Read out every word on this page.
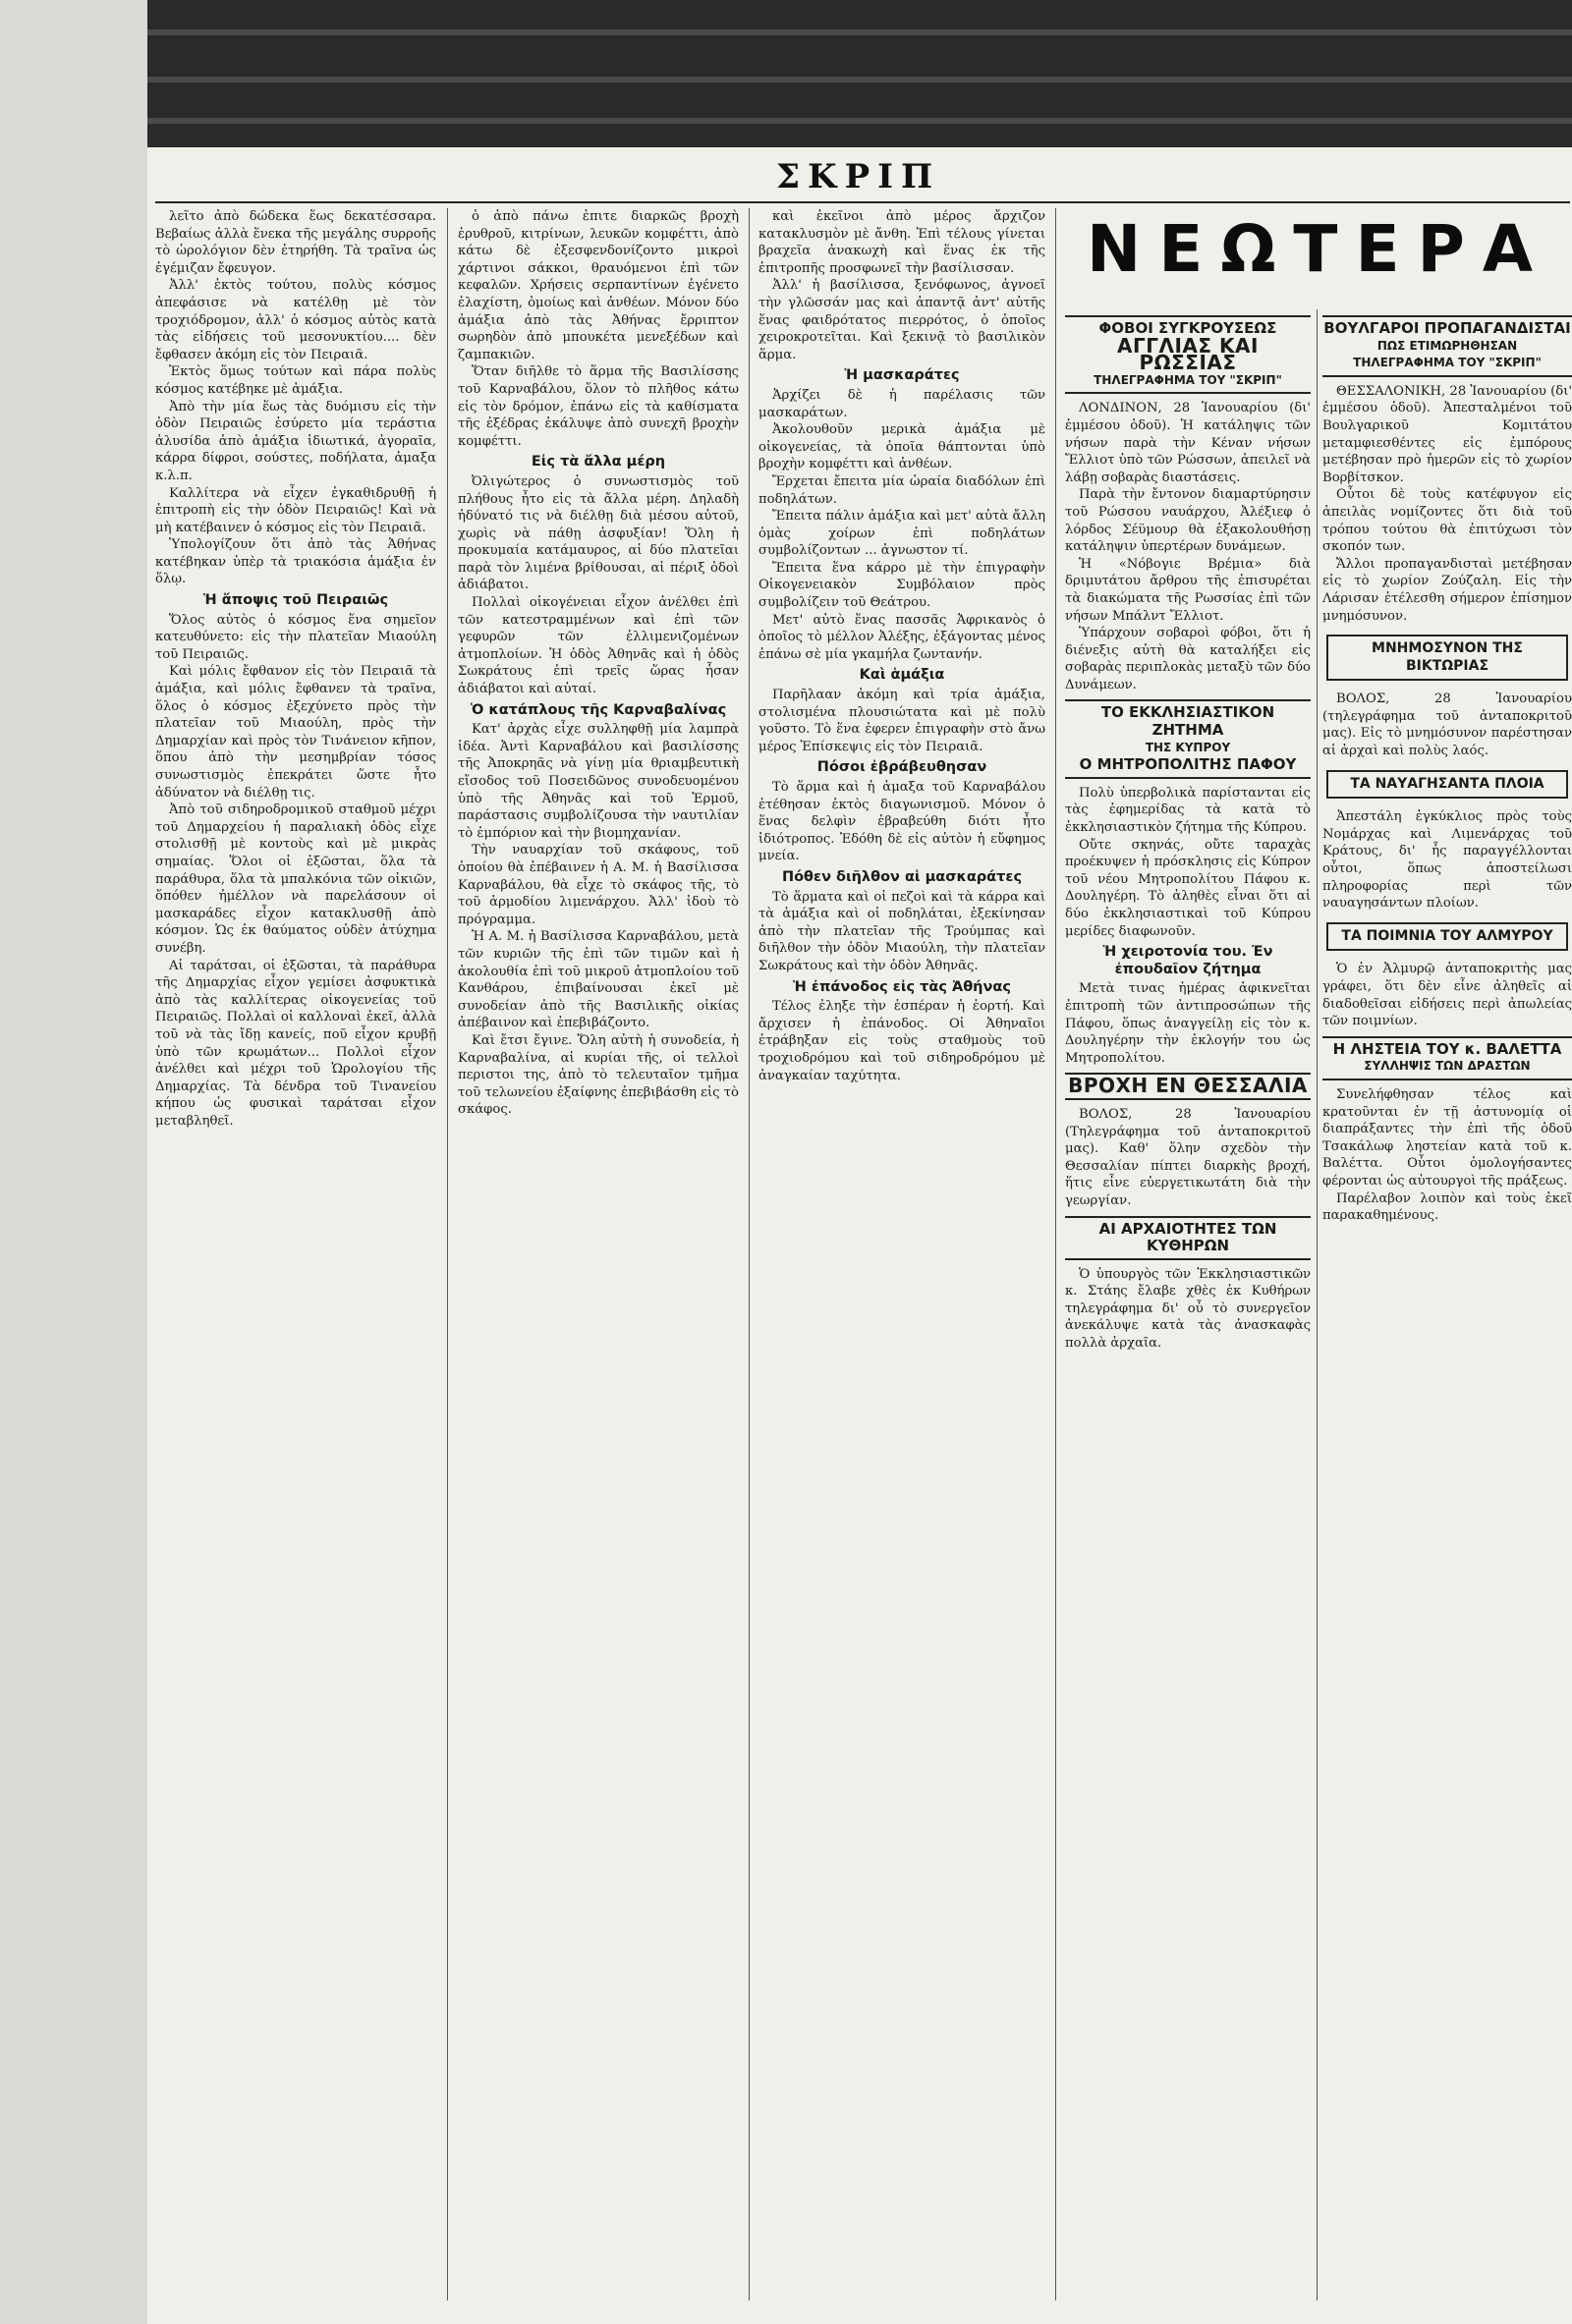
ΣΚΡΙΠ

λεῖτο ἀπὸ δώδεκα ἕως δεκατέσσαρα. Βεβαίως ἀλλὰ ἕνεκα τῆς μεγάλης συρροῆς τὸ ὡρολόγιον δὲν ἐτηρήθη. Τὰ τραῖνα ὡς ἐγέμιζαν ἔφευγον.

Ἀλλ' ἐκτὸς τούτου, πολὺς κόσμος ἀπεφάσισε νὰ κατέλθῃ μὲ τὸν τροχιόδρομον, ἀλλ' ὁ κόσμος αὐτὸς κατὰ τὰς εἰδήσεις τοῦ μεσονυκτίου.... δὲν ἔφθασεν ἀκόμη εἰς τὸν Πειραιᾶ.

Ἐκτὸς ὅμως τούτων καὶ πάρα πολὺς κόσμος κατέβηκε μὲ ἁμάξια.

Ἀπὸ τὴν μία ἕως τὰς δυόμισυ εἰς τὴν ὁδὸν Πειραιῶς ἐσύρετο μία τεράστια ἁλυσίδα ἀπὸ ἁμάξια ἰδιωτικά, ἀγοραῖα, κάρρα δίφροι, σούστες, ποδήλατα, ἁμαξα κ.λ.π.

Καλλίτερα νὰ εἶχεν ἐγκαθιδρυθῇ ἡ ἐπιτροπὴ εἰς τὴν ὁδὸν Πειραιῶς! Καὶ νὰ μὴ κατέβαινεν ὁ κόσμος εἰς τὸν Πειραιᾶ.

Ὑπολογίζουν ὅτι ἀπὸ τὰς Ἀθήνας κατέβηκαν ὑπὲρ τὰ τριακόσια ἁμάξια ἐν ὅλῳ.

Ἡ ἄποψις τοῦ Πειραιῶς

Ὅλος αὐτὸς ὁ κόσμος ἕνα σημεῖον κατευθύνετο: εἰς τὴν πλατεῖαν Μιαούλη τοῦ Πειραιῶς.

Καὶ μόλις ἔφθανον εἰς τὸν Πειραιᾶ τὰ ἁμάξια, καὶ μόλις ἔφθανεν τὰ τραῖνα, ὅλος ὁ κόσμος ἐξεχύνετο πρὸς τὴν πλατεῖαν τοῦ Μιαούλη, πρὸς τὴν Δημαρχίαν καὶ πρὸς τὸν Τινάνειον κῆπον, ὅπου ἀπὸ τὴν μεσημβρίαν τόσος συνωστισμὸς ἐπεκράτει ὥστε ἦτο ἀδύνατον νὰ διέλθῃ τις.

Ἀπὸ τοῦ σιδηροδρομικοῦ σταθμοῦ μέχρι τοῦ Δημαρχείου ἡ παραλιακὴ ὁδὸς εἶχε στολισθῇ μὲ κοντοὺς καὶ μὲ μικρὰς σημαίας. Ὅλοι οἱ ἐξῶσται, ὅλα τὰ παράθυρα, ὅλα τὰ μπαλκόνια τῶν οἰκιῶν, ὅπόθεν ἠμέλλον νὰ παρελάσουν οἱ μασκαράδες εἶχον κατακλυσθῇ ἀπὸ κόσμον. Ὡς ἐκ θαύματος οὐδὲν ἀτύχημα συνέβη.

Αἱ ταράτσαι, οἱ ἐξῶσται, τὰ παράθυρα τῆς Δημαρχίας εἶχον γεμίσει ἀσφυκτικὰ ἀπὸ τὰς καλλίτερας οἰκογενείας τοῦ Πειραιῶς. Πολλαὶ οἱ καλλοναὶ ἐκεῖ, ἀλλὰ τοῦ νὰ τὰς ἴδῃ κανείς, ποῦ εἶχον κρυβῇ ὑπὸ τῶν κρωμάτων... Πολλοὶ εἶχον ἀνέλθει καὶ μέχρι τοῦ Ὡρολογίου τῆς Δημαρχίας. Τὰ δένδρα τοῦ Τινανείου κήπου ὡς φυσικαὶ ταράτσαι εἶχον μεταβληθεῖ.

ὁ ἀπὸ πάνω ἐπιτε διαρκῶς βροχὴ ἐρυθροῦ, κιτρίνων, λευκῶν κομφέττι, ἀπὸ κάτω δὲ ἐξεσφενδονίζοντο μικροὶ χάρτινοι σάκκοι, θραυόμενοι ἐπὶ τῶν κεφαλῶν. Χρήσεις σερπαντίνων ἐγένετο ἐλαχίστη, ὁμοίως καὶ ἀνθέων. Μόνον δύο ἁμάξια ἀπὸ τὰς Ἀθήνας ἔρριπτον σωρηδὸν ἀπὸ μπουκέτα μενεξέδων καὶ ζαμπακιῶν.

Ὅταν διῆλθε τὸ ἅρμα τῆς Βασιλίσσης τοῦ Καρναβάλου, ὅλον τὸ πλῆθος κάτω εἰς τὸν δρόμον, ἐπάνω εἰς τὰ καθίσματα τῆς ἐξέδρας ἐκάλυψε ἀπὸ συνεχῆ βροχὴν κομφέττι.

Εἰς τὰ ἄλλα μέρη

Ὀλιγώτερος ὁ συνωστισμὸς τοῦ πλήθους ἦτο εἰς τὰ ἄλλα μέρη. Δηλαδὴ ἠδύνατό τις νὰ διέλθῃ διὰ μέσου αὐτοῦ, χωρὶς νὰ πάθῃ ἀσφυξίαν! Ὅλη ἡ προκυμαία κατάμαυρος, αἱ δύο πλατεῖαι παρὰ τὸν λιμένα βρίθουσαι, αἱ πέριξ ὁδοὶ ἀδιάβατοι.

Πολλαὶ οἰκογένειαι εἶχον ἀνέλθει ἐπὶ τῶν κατεστραμμένων καὶ ἐπὶ τῶν γεφυρῶν τῶν ἐλλιμενιζομένων ἀτμοπλοίων. Ἡ ὁδὸς Ἀθηνᾶς καὶ ἡ ὁδὸς Σωκράτους ἐπὶ τρεῖς ὥρας ἦσαν ἀδιάβατοι καὶ αὐταί.

Ὁ κατάπλους τῆς Καρναβαλίνας

Κατ' ἀρχὰς εἶχε συλληφθῇ μία λαμπρὰ ἰδέα. Ἀντὶ Καρναβάλου καὶ βασιλίσσης τῆς Ἀποκρηᾶς νὰ γίνῃ μία θριαμβευτικὴ εἴσοδος τοῦ Ποσειδῶνος συνοδευομένου ὑπὸ τῆς Ἀθηνᾶς καὶ τοῦ Ἑρμοῦ, παράστασις συμβολίζουσα τὴν ναυτιλίαν τὸ ἐμπόριον καὶ τὴν βιομηχανίαν.

Τὴν ναυαρχίαν τοῦ σκάφους, τοῦ ὁποίου θὰ ἐπέβαινεν ἡ Α. Μ. ἡ Βασίλισσα Καρναβάλου, θὰ εἶχε τὸ σκάφος τῆς, τὸ τοῦ ἁρμοδίου λιμενάρχου. Ἀλλ' ἰδοὺ τὸ πρόγραμμα.

Ἡ Α. Μ. ἡ Βασίλισσα Καρναβάλου, μετὰ τῶν κυριῶν τῆς ἐπὶ τῶν τιμῶν καὶ ἡ ἀκολουθία ἐπὶ τοῦ μικροῦ ἀτμοπλοίου τοῦ Κανθάρου, ἐπιβαίνουσαι ἐκεῖ μὲ συνοδείαν ἀπὸ τῆς Βασιλικῆς οἰκίας ἀπέβαινον καὶ ἐπεβιβάζοντο.

Καὶ ἔτσι ἔγινε. Ὅλη αὐτὴ ἡ συνοδεία, ἡ Καρναβαλίνα, αἱ κυρίαι τῆς, οἱ τελλοὶ περιστοι της, ἀπὸ τὸ τελευταῖον τμῆμα τοῦ τελωνείου ἐξαίφνης ἐπεβιβάσθη εἰς τὸ σκάφος.

καὶ ἐκεῖνοι ἀπὸ μέρος ἄρχιζον κατακλυσμὸν μὲ ἄνθη. Ἐπὶ τέλους γίνεται βραχεῖα ἀνακωχὴ καὶ ἕνας ἐκ τῆς ἐπιτροπῆς προσφωνεῖ τὴν βασίλισσαν.

Ἀλλ' ἡ βασίλισσα, ξενόφωνος, ἀγνοεῖ τὴν γλῶσσάν μας καὶ ἀπαντᾷ ἀντ' αὐτῆς ἕνας φαιδρότατος πιερρότος, ὁ ὁποῖος χειροκροτεῖται. Καὶ ξεκινᾷ τὸ βασιλικὸν ἅρμα.

Ἡ μασκαράτες

Ἀρχίζει δὲ ἡ παρέλασις τῶν μασκαράτων.

Ἀκολουθοῦν μερικὰ ἁμάξια μὲ οἰκογενείας, τὰ ὁποῖα θάπτονται ὑπὸ βροχὴν κομφέττι καὶ ἀνθέων.

Ἔρχεται ἔπειτα μία ὡραία διαδόλων ἐπὶ ποδηλάτων.

Ἔπειτα πάλιν ἁμάξια καὶ μετ' αὐτὰ ἄλλη ὁμὰς χοίρων ἐπὶ ποδηλάτων συμβολίζοντων ... ἀγνωστον τί.

Ἔπειτα ἕνα κάρρο μὲ τὴν ἐπιγραφὴν Οἰκογενειακὸν Συμβόλαιον πρὸς συμβολίζειν τοῦ Θεάτρου.

Μετ' αὐτὸ ἕνας πασσᾶς Ἀφρικανὸς ὁ ὁποῖος τὸ μέλλον Ἀλέξης, ἐξάγοντας μένος ἐπάνω σὲ μία γκαμήλα ζωντανήν.

Καὶ ἁμάξια

Παρῆλααν ἀκόμη καὶ τρία ἁμάξια, στολισμένα πλουσιώτατα καὶ μὲ πολὺ γοῦστο. Τὸ ἕνα ἐφερεν ἐπιγραφὴν στὸ ἄνω μέρος Ἐπίσκεψις εἰς τὸν Πειραιᾶ.

Πόσοι ἐβράβευθησαν

Τὸ ἅρμα καὶ ἡ ἁμαξα τοῦ Καρναβάλου ἐτέθησαν ἐκτὸς διαγωνισμοῦ. Μόνον ὁ ἕνας δελφὶν ἐβραβεύθη διότι ἦτο ἰδιότροπος. Ἐδόθη δὲ εἰς αὐτὸν ἡ εὔφημος μνεία.

Πόθεν διῆλθον αἱ μασκαράτες

Τὸ ἅρματα καὶ οἱ πεζοὶ καὶ τὰ κάρρα καὶ τὰ ἁμάξια καὶ οἱ ποδηλάται, ἐξεκίνησαν ἀπὸ τὴν πλατεῖαν τῆς Τρούμπας καὶ διῆλθον τὴν ὁδὸν Μιαούλη, τὴν πλατεῖαν Σωκράτους καὶ τὴν ὁδὸν Ἀθηνᾶς.

Ἡ ἐπάνοδος εἰς τὰς Ἀθήνας

Τέλος ἐληξε τὴν ἑσπέραν ἡ ἑορτή. Καὶ ἄρχισεν ἡ ἐπάνοδος. Οἱ Ἀθηναῖοι ἐτράβηξαν εἰς τοὺς σταθμοὺς τοῦ τροχιοδρόμου καὶ τοῦ σιδηροδρόμου μὲ ἀναγκαίαν ταχύτητα.

ΝΕΩΤΕΡΑ
ΦΟΒΟΙ ΣΥΓΚΡΟΥΣΕΩΣ
ΑΓΓΛΙΑΣ ΚΑΙ ΡΩΣΣΙΑΣ
ΤΗΛΕΓΡΑΦΗΜΑ ΤΟΥ "ΣΚΡΙΠ"

ΛΟΝΔΙΝΟΝ, 28 Ἰανουαρίου (δι' ἐμμέσου ὁδοῦ). Ἡ κατάληψις τῶν νήσων παρὰ τὴν Κέναν νήσων Ἔλλιοτ ὑπὸ τῶν Ρώσσων, ἀπειλεῖ νὰ λάβῃ σοβαρὰς διαστάσεις.

Παρὰ τὴν ἔντονον διαμαρτύρησιν τοῦ Ρώσσου ναυάρχου, Ἀλέξιεφ ὁ λόρδος Σέϋμουρ θὰ ἐξακολουθήσῃ κατάληψιν ὑπερτέρων δυνάμεων.

Ἡ «Νόβογιε Βρέμια» διὰ δριμυτάτου ἄρθρου τῆς ἐπισυρέται τὰ διακώματα τῆς Ρωσσίας ἐπὶ τῶν νήσων Μπάλντ Ἔλλιοτ.

Ὑπάρχουν σοβαροὶ φόβοι, ὅτι ἡ διένεξις αὐτὴ θὰ καταλήξει εἰς σοβαρὰς περιπλοκὰς μεταξὺ τῶν δύο Δυνάμεων.

ΤΟ ΕΚΚΛΗΣΙΑΣΤΙΚΟΝ ΖΗΤΗΜΑ
ΤΗΣ ΚΥΠΡΟΥ
Ο ΜΗΤΡΟΠΟΛΙΤΗΣ ΠΑΦΟΥ

Πολὺ ὑπερβολικὰ παρίστανται εἰς τὰς ἐφημερίδας τὰ κατὰ τὸ ἐκκλησιαστικὸν ζήτημα τῆς Κύπρου.

Οὔτε σκηνάς, οὔτε ταραχὰς προέκυψεν ἡ πρόσκλησις εἰς Κύπρον τοῦ νέου Μητροπολίτου Πάφου κ. Δουληγέρη. Τὸ ἀληθὲς εἶναι ὅτι αἱ δύο ἐκκλησιαστικαὶ τοῦ Κύπρου μερίδες διαφωνοῦν.

Ἡ χειροτονία του. Ἐν ἐπουδαῖον ζήτημα

Μετὰ τινας ἡμέρας ἀφικνεῖται ἐπιτροπὴ τῶν ἀντιπροσώπων τῆς Πάφου, ὅπως ἀναγγείλῃ εἰς τὸν κ. Δουληγέρην τὴν ἐκλογήν του ὡς Μητροπολίτου.

ΒΡΟΧΗ ΕΝ ΘΕΣΣΑΛΙΑ

ΒΟΛΟΣ, 28 Ἰανουαρίου (Τηλεγράφημα τοῦ ἀνταποκριτοῦ μας). Καθ' ὅλην σχεδὸν τὴν Θεσσαλίαν πίπτει διαρκὴς βροχή, ἥτις εἶνε εὐεργετικωτάτη διὰ τὴν γεωργίαν.

ΑΙ ΑΡΧΑΙΟΤΗΤΕΣ ΤΩΝ ΚΥΘΗΡΩΝ

Ὁ ὑπουργὸς τῶν Ἐκκλησιαστικῶν κ. Στάης ἔλαβε χθὲς ἐκ Κυθήρων τηλεγράφημα δι' οὗ τὸ συνεργεῖον ἀνεκάλυψε κατὰ τὰς ἀνασκαφὰς πολλὰ ἀρχαῖα.

ΒΟΥΛΓΑΡΟΙ ΠΡΟΠΑΓΑΝΔΙΣΤΑΙ
ΠΩΣ ΕΤΙΜΩΡΗΘΗΣΑΝ
ΤΗΛΕΓΡΑΦΗΜΑ ΤΟΥ "ΣΚΡΙΠ"

ΘΕΣΣΑΛΟΝΙΚΗ, 28 Ἰανουαρίου (δι' ἐμμέσου ὁδοῦ). Ἀπεσταλμένοι τοῦ Βουλγαρικοῦ Κομιτάτου μεταμφιεσθέντες εἰς ἐμπόρους μετέβησαν πρὸ ἡμερῶν εἰς τὸ χωρίον Βορβίτσκον.

Οὗτοι δὲ τοὺς κατέφυγον εἰς ἀπειλὰς νομίζοντες ὅτι διὰ τοῦ τρόπου τούτου θὰ ἐπιτύχωσι τὸν σκοπόν των.

Ἄλλοι προπαγανδισταὶ μετέβησαν εἰς τὸ χωρίον Ζούζαλη. Εἰς τὴν Λάρισαν ἐτέλεσθη σήμερον ἐπίσημον μνημόσυνον.

ΜΝΗΜΟΣΥΝΟΝ ΤΗΣ ΒΙΚΤΩΡΙΑΣ

ΒΟΛΟΣ, 28 Ἰανουαρίου (τηλεγράφημα τοῦ ἀνταποκριτοῦ μας). Εἰς τὸ μνημόσυνον παρέστησαν αἱ ἀρχαὶ καὶ πολὺς λαός.

ΤΑ ΝΑΥΑΓΗΣΑΝΤΑ ΠΛΟΙΑ

Ἀπεστάλη ἐγκύκλιος πρὸς τοὺς Νομάρχας καὶ Λιμενάρχας τοῦ Κράτους, δι' ἧς παραγγέλλονται οὗτοι, ὅπως ἀποστείλωσι πληροφορίας περὶ τῶν ναυαγησάντων πλοίων.

ΤΑ ΠΟΙΜΝΙΑ ΤΟΥ ΑΛΜΥΡΟΥ

Ὁ ἐν Ἀλμυρῷ ἀνταποκριτὴς μας γράφει, ὅτι δὲν εἶνε ἀληθεῖς αἱ διαδοθεῖσαι εἰδήσεις περὶ ἀπωλείας τῶν ποιμνίων.

Η ΛΗΣΤΕΙΑ ΤΟΥ κ. ΒΑΛΕΤΤΑ
ΣΥΛΛΗΨΙΣ ΤΩΝ ΔΡΑΣΤΩΝ

Συνελήφθησαν τέλος καὶ κρατοῦνται ἐν τῇ ἀστυνομίᾳ οἱ διαπράξαντες τὴν ἐπὶ τῆς ὁδοῦ Τσακάλωφ ληστείαν κατὰ τοῦ κ. Βαλέττα. Οὗτοι ὁμολογήσαντες φέρονται ὡς αὐτουργοὶ τῆς πράξεως.

Παρέλαβον λοιπὸν καὶ τοὺς ἐκεῖ παρακαθημένους.
